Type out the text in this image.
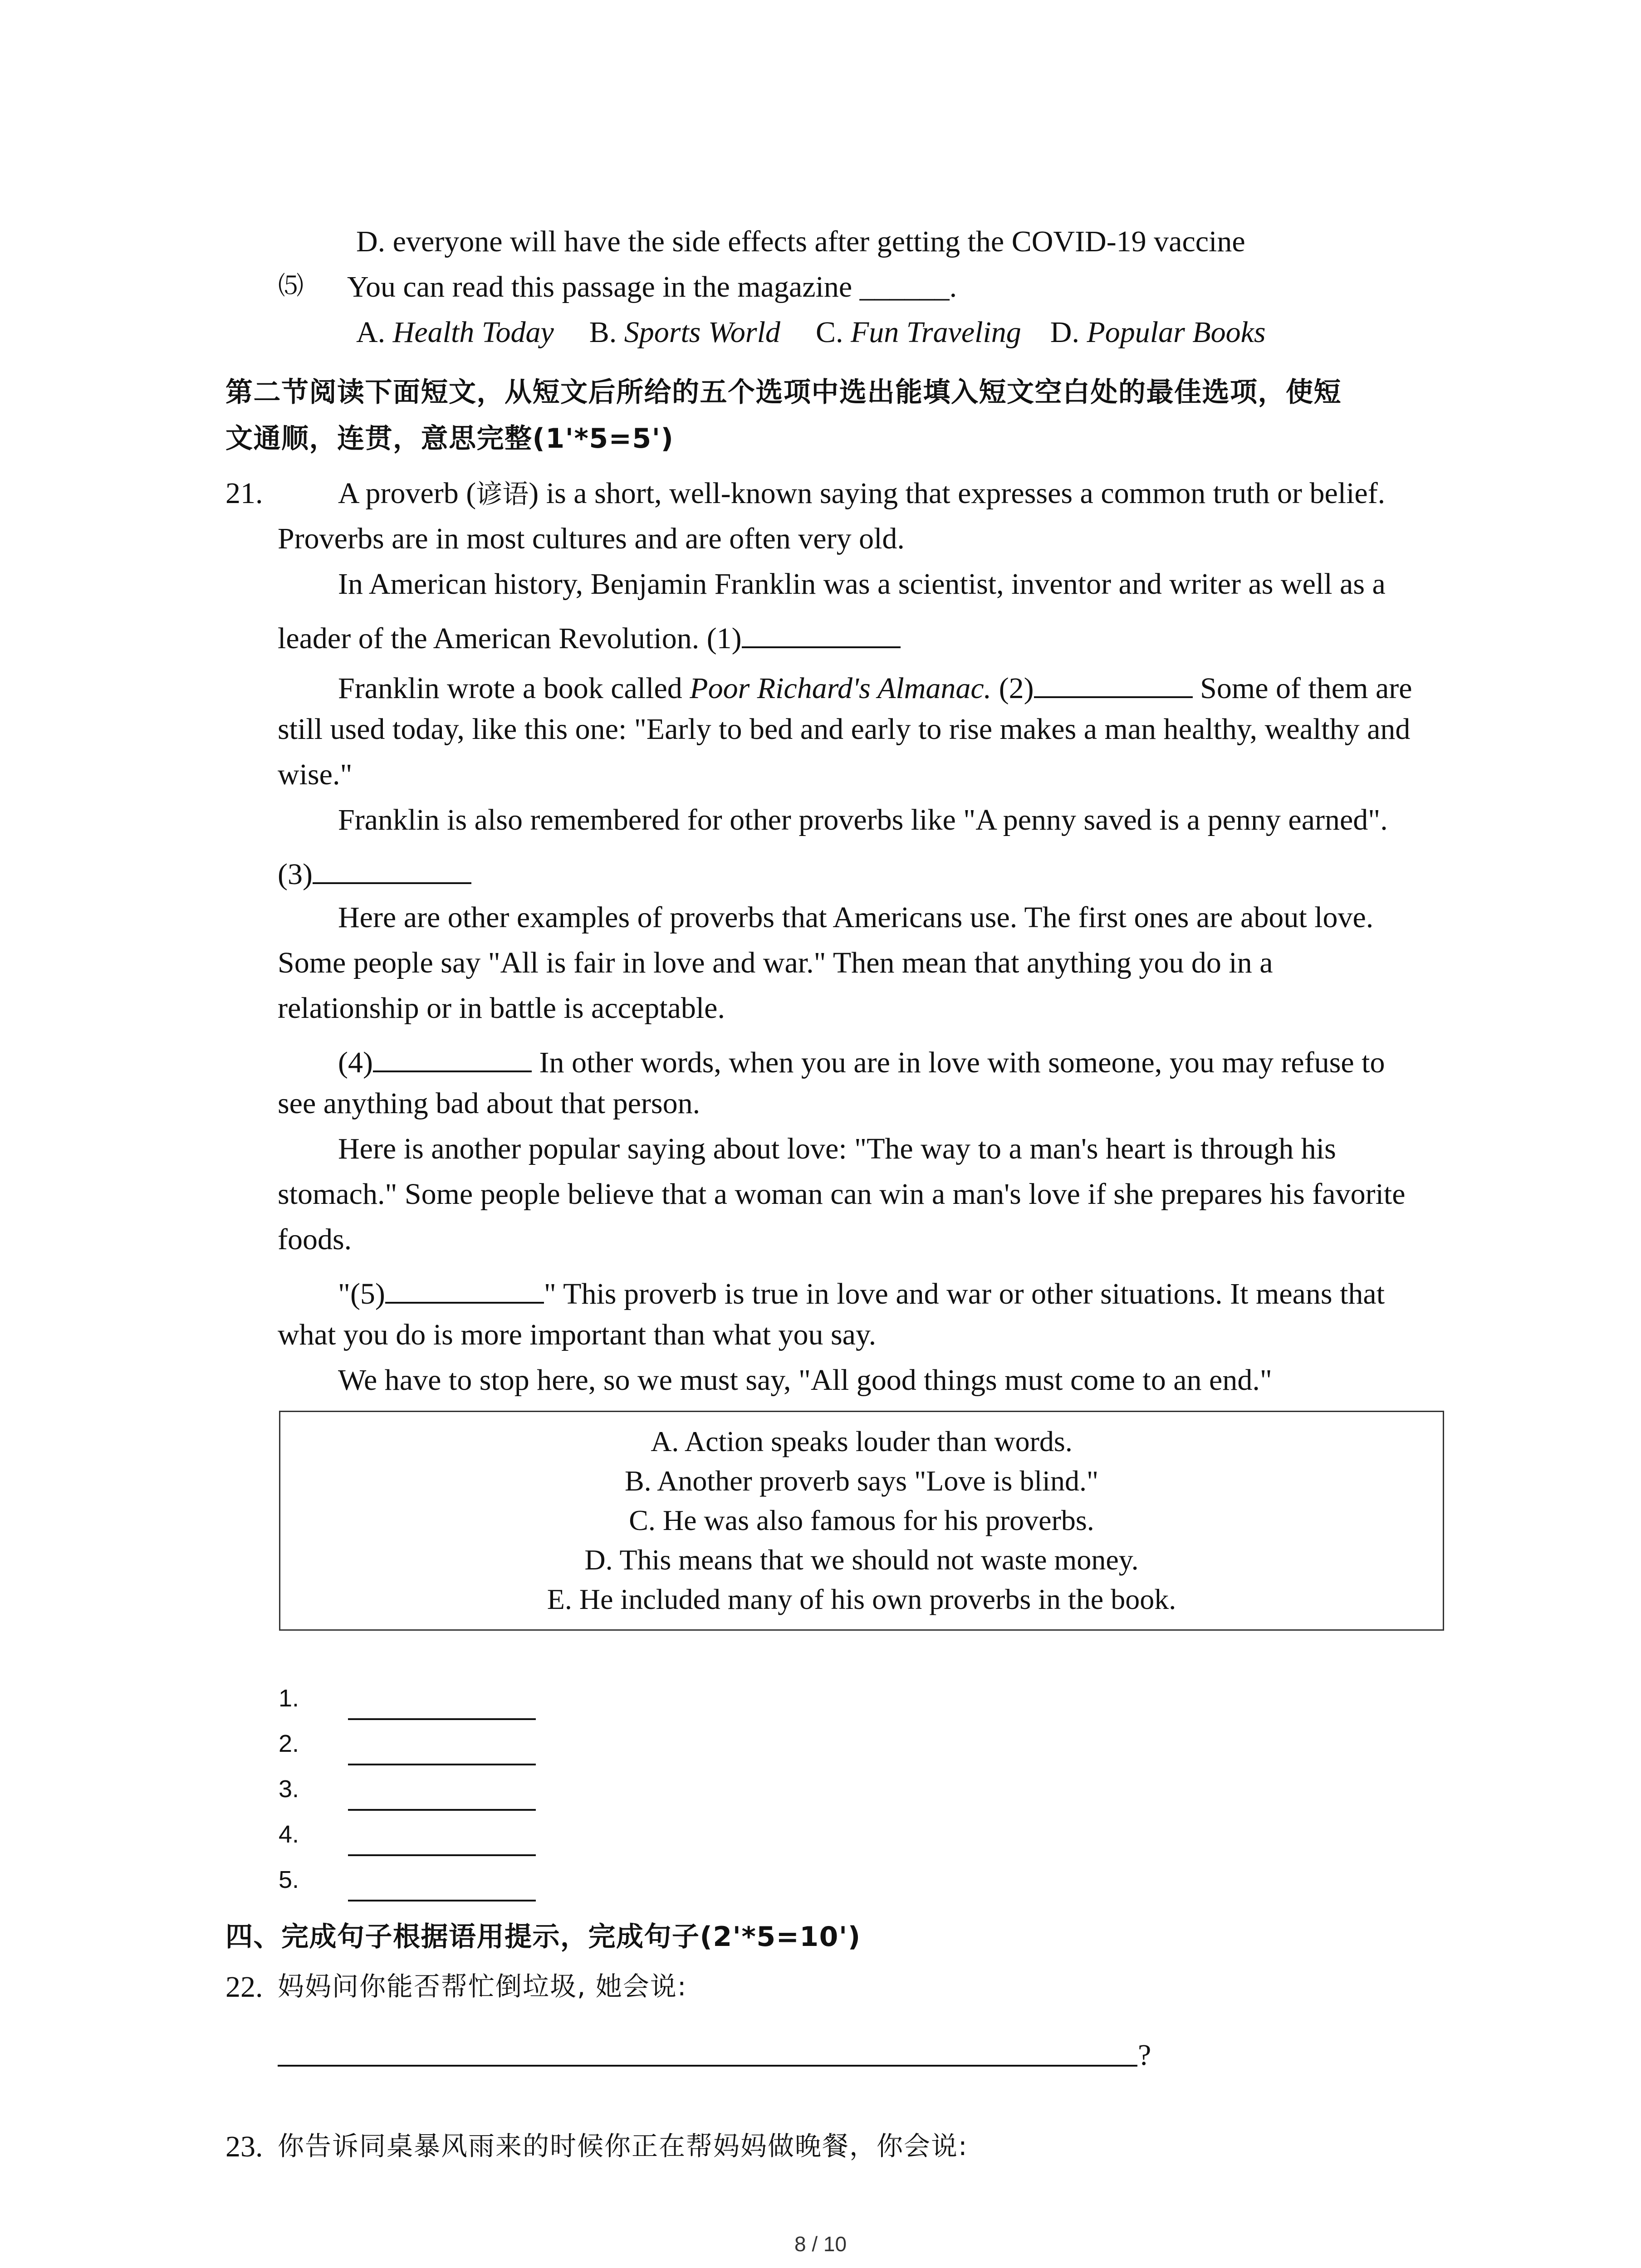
D. everyone will have the side effects after getting the COVID-19 vaccine
⑸ You can read this passage in the magazine ______.
A. Health Today B. Sports World C. Fun Traveling D. Popular Books
第二节阅读下面短文，从短文后所给的五个选项中选出能填入短文空白处的最佳选项，使短
文通顺，连贯，意思完整(1'*5=5')
21.	A proverb (谚语) is a short, well-known saying that expresses a common truth or belief.
Proverbs are in most cultures and are often very old.
In American history, Benjamin Franklin was a scientist, inventor and writer as well as a
leader of the American Revolution. (1)
Franklin wrote a book called Poor Richard's Almanac. (2)	Some of them are
still used today, like this one: "Early to bed and early to rise makes a man healthy, wealthy and
wise."
Franklin is also remembered for other proverbs like "A penny saved is a penny earned".
(3)
Here are other examples of proverbs that Americans use. The first ones are about love.
Some people say "All is fair in love and war." Then mean that anything you do in a
relationship or in battle is acceptable.
(4)	In other words, when you are in love with someone, you may refuse to
see anything bad about that person.
Here is another popular saying about love: "The way to a man's heart is through his
stomach." Some people believe that a woman can win a man's love if she prepares his favorite
foods.
"(5)	" This proverb is true in love and war or other situations. It means that
what you do is more important than what you say.
We have to stop here, so we must say, "All good things must come to an end."
A. Action speaks louder than words.
B. Another proverb says "Love is blind."
C. He was also famous for his proverbs.
D. This means that we should not waste money.
E. He included many of his own proverbs in the book.
1.
2.
3.
4.
5.
四、完成句子根据语用提示，完成句子(2'*5=10')
22. 妈妈问你能否帮忙倒垃圾, 她会说:
?
23. 你告诉同桌暴风雨来的时候你正在帮妈妈做晚餐，你会说:
8 / 10
